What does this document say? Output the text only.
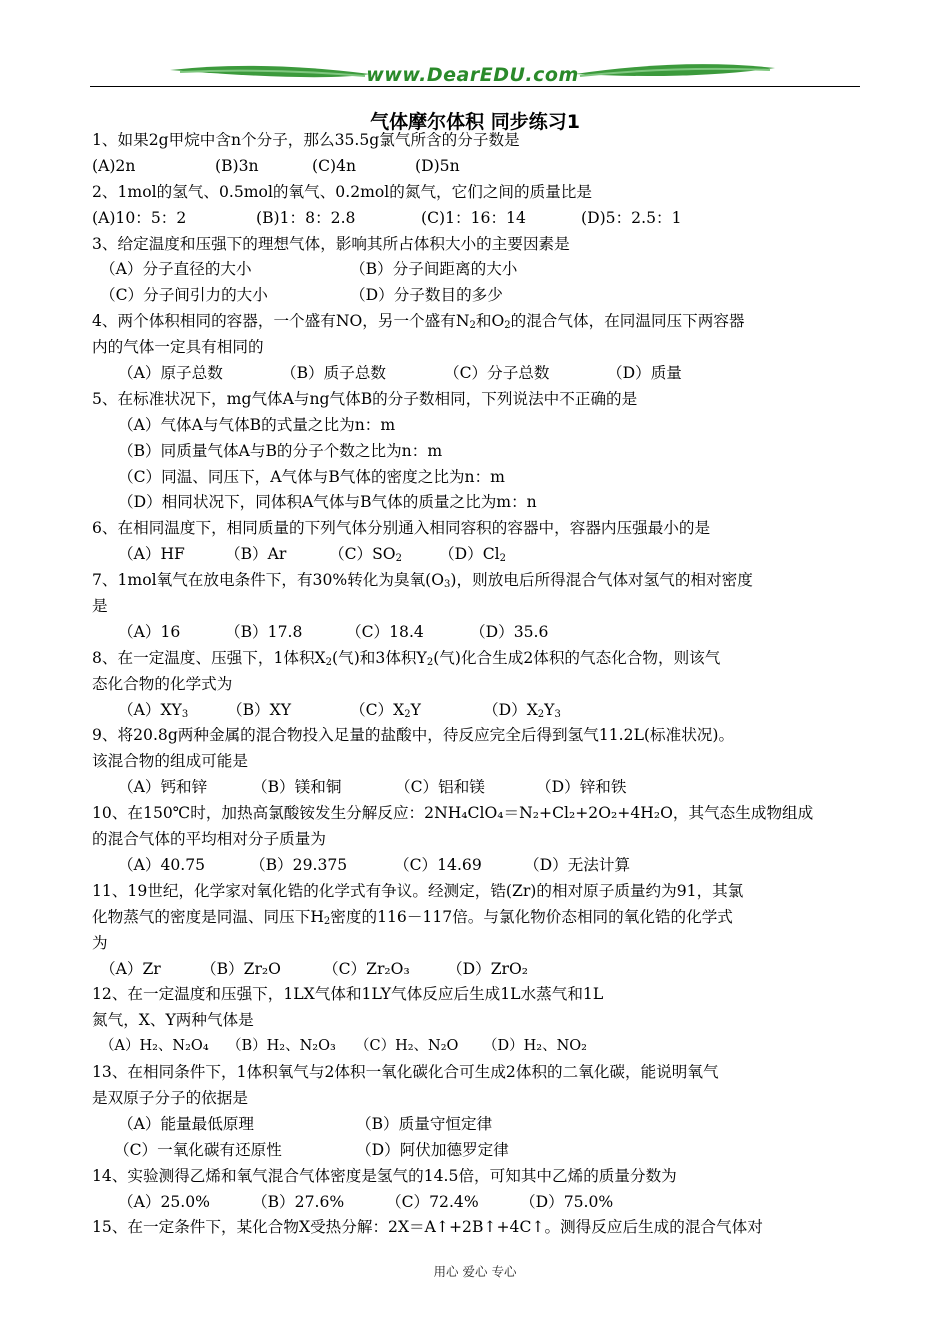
www.DearEDU.com
气体摩尔体积 同步练习1
1、如果2g甲烷中含n个分子，那么35.5g氯气所含的分子数是
(A)2n	(B)3n	(C)4n	(D)5n
2、1mol的氢气、0.5mol的氧气、0.2mol的氮气，它们之间的质量比是
(A)10：5：2	(B)1：8：2.8	(C)1：16：14	(D)5：2.5：1
3、给定温度和压强下的理想气体，影响其所占体积大小的主要因素是
（A）分子直径的大小	（B）分子间距离的大小
（C）分子间引力的大小	（D）分子数目的多少
4、两个体积相同的容器，一个盛有NO，另一个盛有$N_2$和$O_2$的混合气体，在同温同压下两容器
内的气体一定具有相同的
（A）原子总数	（B）质子总数	（C）分子总数	（D）质量
5、在标准状况下，mg气体A与ng气体B的分子数相同，下列说法中不正确的是
（A）气体A与气体B的式量之比为n：m
（B）同质量气体A与B的分子个数之比为n：m
（C）同温、同压下，A气体与B气体的密度之比为n：m
（D）相同状况下，同体积A气体与B气体的质量之比为m：n
6、在相同温度下，相同质量的下列气体分别通入相同容积的容器中，容器内压强最小的是
（A）HF	（B）Ar	$(C)SO_2$ $(D)Cl_2$
7、1mol氧气在放电条件下，有30%转化为臭氧$(O_3)$，则放电后所得混合气体对氢气的相对密度
是
（A）16	（B）17.8	（C）18.4	（D）35.6
8、在一定温度、压强下，1体积$X_2$(气)和3体积$Y_2$(气)化合生成2体积的气态化合物，则该气
态化合物的化学式为
$(A)XY_3$ （B）XY	$(C)X_2Y$	$(D)X_2Y_3$
9、将20.8g两种金属的混合物投入足量的盐酸中，待反应完全后得到氢气11.2L(标准状况)。
该混合物的组成可能是
（A）钙和锌	（B）镁和铜	（C）铝和镁	（D）锌和铁
10、在150℃时，加热高氯酸铵发生分解反应：2NH₄ClO₄＝N₂+Cl₂+2O₂+4H₂O，其气态生成物组成
的混合气体的平均相对分子质量为
（A）40.75	（B）29.375	（C）14.69	（D）无法计算
11、19世纪，化学家对氧化锆的化学式有争议。经测定，锆(Zr)的相对原子质量约为91，其氯
化物蒸气的密度是同温、同压下$H_2$密度的116－117倍。与氯化物价态相同的氧化锆的化学式
为
（A）Zr	（B）Zr₂O	（C）Zr₂O₃ （D）ZrO₂
12、在一定温度和压强下，1LX气体和1LY气体反应后生成1L水蒸气和1L
氮气，X、Y两种气体是
（A）H₂、N₂O₄ （B）H₂、N₂O₃ （C）H₂、N₂O （D）H₂、NO₂
13、在相同条件下，1体积氧气与2体积一氧化碳化合可生成2体积的二氧化碳，能说明氧气
是双原子分子的依据是
（A）能量最低原理	（B）质量守恒定律
（C）一氧化碳有还原性	（D）阿伏加德罗定律
14、实验测得乙烯和氧气混合气体密度是氢气的14.5倍，可知其中乙烯的质量分数为
（A）25.0%	（B）27.6%	（C）72.4%	（D）75.0%
15、在一定条件下，某化合物X受热分解：2X＝A↑+2B↑+4C↑。测得反应后生成的混合气体对
用心 爱心 专心
